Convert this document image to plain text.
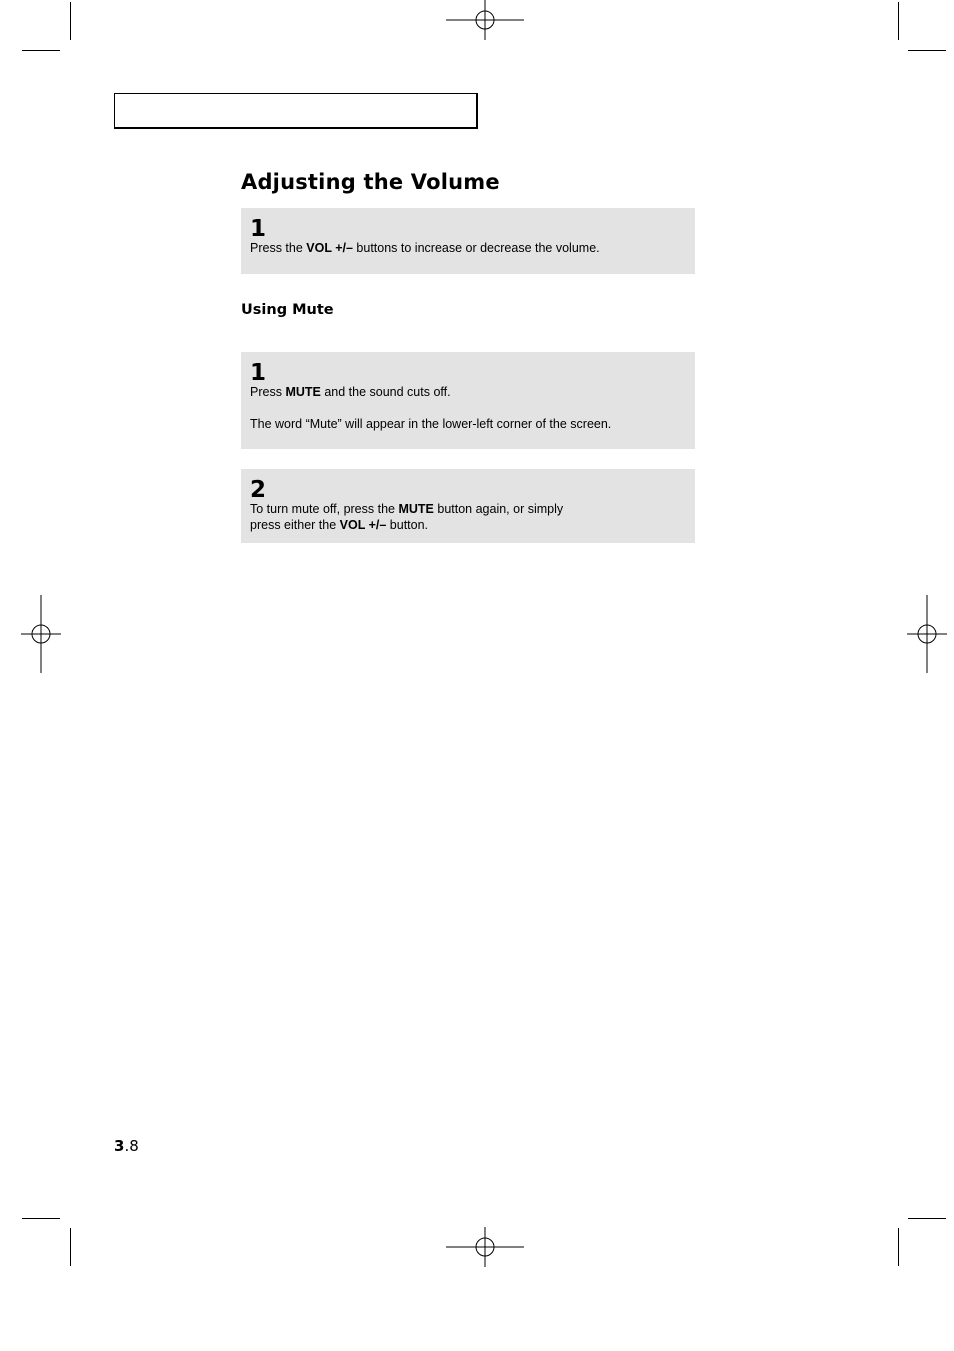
Adjusting the Volume
1

Press the VOL +/– buttons to increase or decrease the volume.

Using Mute
1

Press MUTE and the sound cuts off.

The word “Mute” will appear in the lower-left corner of the screen.

2

To turn mute off, press the MUTE button again, or simply
press either the VOL +/– button.

3.8
